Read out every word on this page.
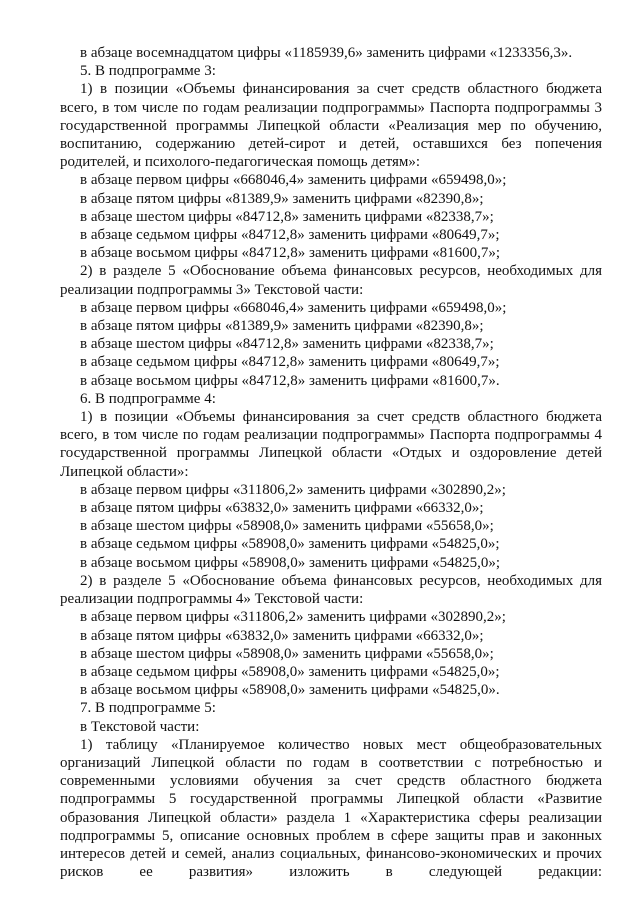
в абзаце восемнадцатом цифры «1185939,6» заменить цифрами «1233356,3».
5. В подпрограмме 3:
1) в позиции «Объемы финансирования за счет средств областного бюджета всего, в том числе по годам реализации подпрограммы» Паспорта подпрограммы 3 государственной программы Липецкой области «Реализация мер по обучению, воспитанию, содержанию детей-сирот и детей, оставшихся без попечения родителей, и психолого-педагогическая помощь детям»:
в абзаце первом цифры «668046,4» заменить цифрами «659498,0»;
в абзаце пятом цифры «81389,9» заменить цифрами «82390,8»;
в абзаце шестом цифры «84712,8» заменить цифрами «82338,7»;
в абзаце седьмом цифры «84712,8» заменить цифрами «80649,7»;
в абзаце восьмом цифры «84712,8» заменить цифрами «81600,7»;
2) в разделе 5 «Обоснование объема финансовых ресурсов, необходимых для реализации подпрограммы 3» Текстовой части:
в абзаце первом цифры «668046,4» заменить цифрами «659498,0»;
в абзаце пятом цифры «81389,9» заменить цифрами «82390,8»;
в абзаце шестом цифры «84712,8» заменить цифрами «82338,7»;
в абзаце седьмом цифры «84712,8» заменить цифрами «80649,7»;
в абзаце восьмом цифры «84712,8» заменить цифрами «81600,7».
6. В подпрограмме 4:
1) в позиции «Объемы финансирования за счет средств областного бюджета всего, в том числе по годам реализации подпрограммы» Паспорта подпрограммы 4 государственной программы Липецкой области «Отдых и оздоровление детей Липецкой области»:
в абзаце первом цифры «311806,2» заменить цифрами «302890,2»;
в абзаце пятом цифры «63832,0» заменить цифрами «66332,0»;
в абзаце шестом цифры «58908,0» заменить цифрами «55658,0»;
в абзаце седьмом цифры «58908,0» заменить цифрами «54825,0»;
в абзаце восьмом цифры «58908,0» заменить цифрами «54825,0»;
2) в разделе 5 «Обоснование объема финансовых ресурсов, необходимых для реализации подпрограммы 4» Текстовой части:
в абзаце первом цифры «311806,2» заменить цифрами «302890,2»;
в абзаце пятом цифры «63832,0» заменить цифрами «66332,0»;
в абзаце шестом цифры «58908,0» заменить цифрами «55658,0»;
в абзаце седьмом цифры «58908,0» заменить цифрами «54825,0»;
в абзаце восьмом цифры «58908,0» заменить цифрами «54825,0».
7. В подпрограмме 5:
в Текстовой части:
1) таблицу «Планируемое количество новых мест общеобразовательных организаций Липецкой области по годам в соответствии с потребностью и современными условиями обучения за счет средств областного бюджета подпрограммы 5 государственной программы Липецкой области «Развитие образования Липецкой области» раздела 1 «Характеристика сферы реализации подпрограммы 5, описание основных проблем в сфере защиты прав и законных интересов детей и семей, анализ социальных, финансово-экономических и прочих рисков ее развития» изложить в следующей редакции:
